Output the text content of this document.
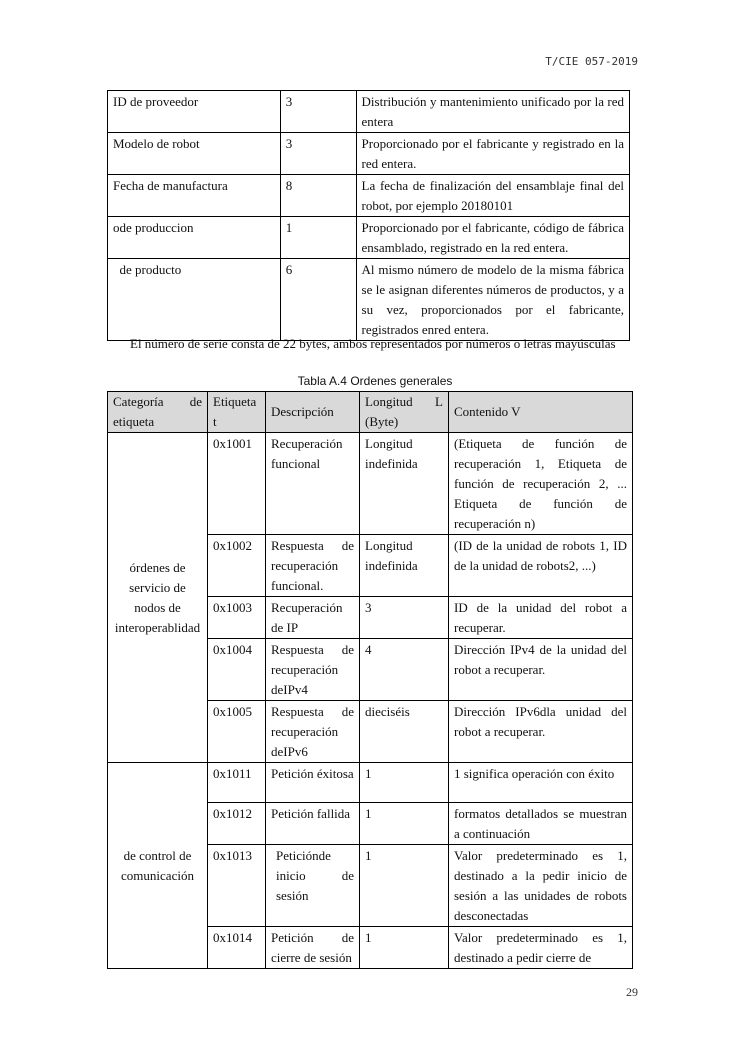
T/CIE 057-2019
ID de proveedor	3	Distribución y mantenimiento unificado por la red entera
Modelo de robot	3	Proporcionado por el fabricante y registrado en la red entera.
Fecha de manufactura	8	La fecha de finalización del ensamblaje final del robot, por ejemplo 20180101
ode produccion	1	Proporcionado por el fabricante, código de fábrica ensamblado, registrado en la red entera.
de producto	6	Al mismo número de modelo de la misma fábrica se le asignan diferentes números de productos, y a su vez, proporcionados por el fabricante, registrados enred entera.
El número de serie consta de 22 bytes, ambos representados por números o letras mayúsculas
Tabla A.4 Ordenes generales
Categoría de etiqueta	Etiqueta t	Descripción	Longitud L (Byte)	Contenido V
órdenes de servicio de nodos de interoperablidad	0x1001	Recuperación funcional	Longitud indefinida	(Etiqueta de función de recuperación 1, Etiqueta de función de recuperación 2, ... Etiqueta de función de recuperación n)
	0x1002	Respuesta de recuperación funcional.	Longitud indefinida	(ID de la unidad de robots 1, ID de la unidad de robots2, ...)
	0x1003	Recuperación de IP	3	ID de la unidad del robot a recuperar.
	0x1004	Respuesta de recuperación deIPv4	4	Dirección IPv4 de la unidad del robot a recuperar.
	0x1005	Respuesta de recuperación deIPv6	dieciséis	Dirección IPv6dla unidad del robot a recuperar.
de control de comunicación	0x1011	Petición éxitosa	1	1 significa operación con éxito
	0x1012	Petición fallida	1	formatos detallados se muestran a continuación
	0x1013	Peticiónde inicio de sesión	1	Valor predeterminado es 1, destinado a la pedir inicio de sesión a las unidades de robots desconectadas
	0x1014	Petición de cierre de sesión	1	Valor predeterminado es 1, destinado a pedir cierre de
29
